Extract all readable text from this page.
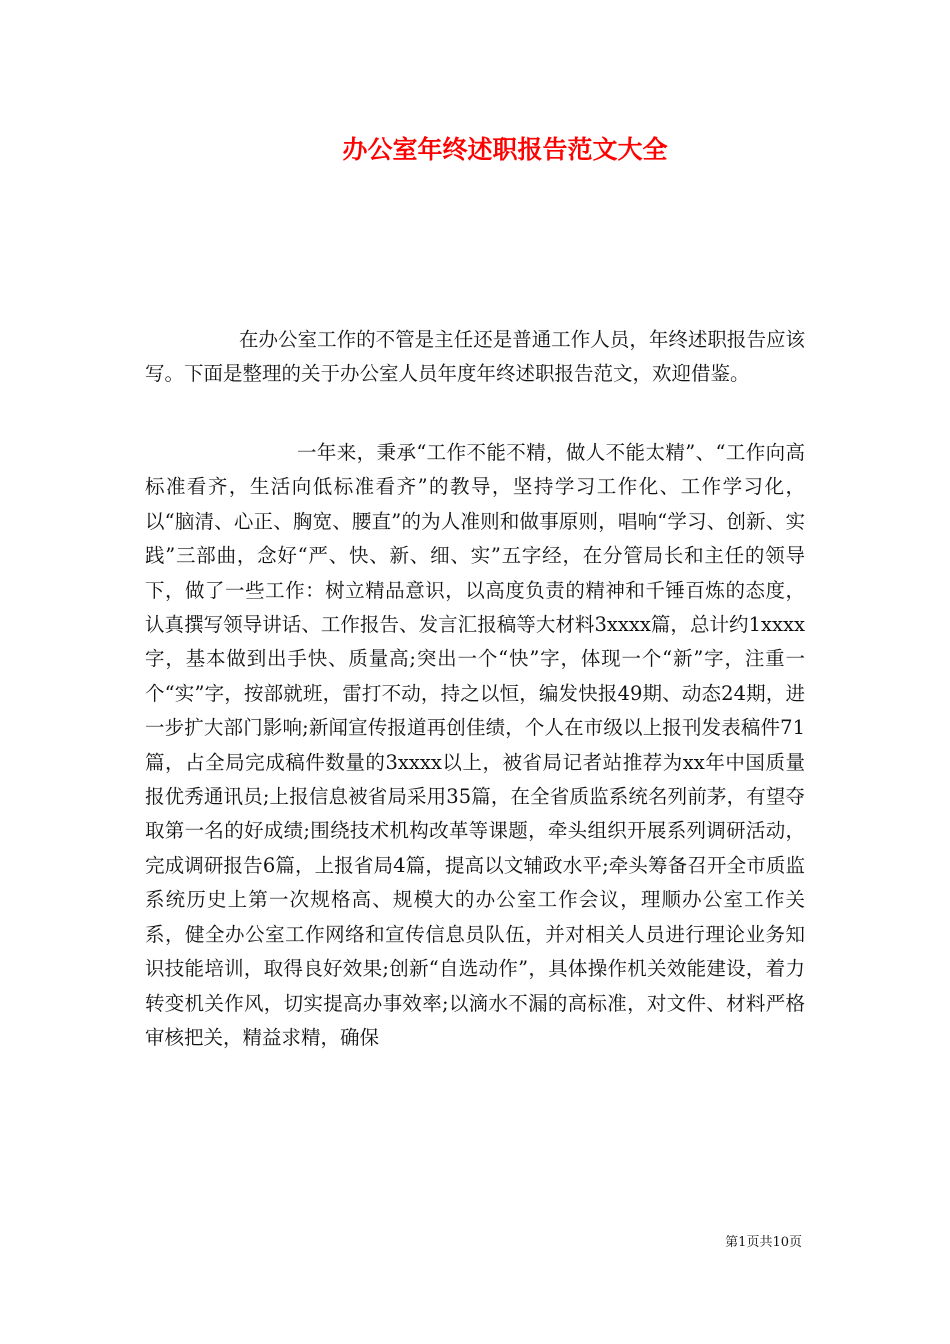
办公室年终述职报告范文大全

在办公室工作的不管是主任还是普通工作人员，年终述职报告应该写。下面是整理的关于办公室人员年度年终述职报告范文，欢迎借鉴。

一年来，秉承“工作不能不精，做人不能太精”、“工作向高标准看齐，生活向低标准看齐”的教导，坚持学习工作化、工作学习化，以“脑清、心正、胸宽、腰直”的为人准则和做事原则，唱响“学习、创新、实践”三部曲，念好“严、快、新、细、实”五字经，在分管局长和主任的领导下，做了一些工作：树立精品意识，以高度负责的精神和千锤百炼的态度，认真撰写领导讲话、工作报告、发言汇报稿等大材料3xxxx篇，总计约1xxxx字，基本做到出手快、质量高;突出一个“快”字，体现一个“新”字，注重一个“实”字，按部就班，雷打不动，持之以恒，编发快报49期、动态24期，进一步扩大部门影响;新闻宣传报道再创佳绩，个人在市级以上报刊发表稿件71篇，占全局完成稿件数量的3xxxx以上，被省局记者站推荐为xx年中国质量报优秀通讯员;上报信息被省局采用35篇，在全省质监系统名列前茅，有望夺取第一名的好成绩;围绕技术机构改革等课题，牵头组织开展系列调研活动，完成调研报告6篇，上报省局4篇，提高以文辅政水平;牵头筹备召开全市质监系统历史上第一次规格高、规模大的办公室工作会议，理顺办公室工作关系，健全办公室工作网络和宣传信息员队伍，并对相关人员进行理论业务知识技能培训，取得良好效果;创新“自选动作”，具体操作机关效能建设，着力转变机关作风，切实提高办事效率;以滴水不漏的高标准，对文件、材料严格审核把关，精益求精，确保

第1页共10页
